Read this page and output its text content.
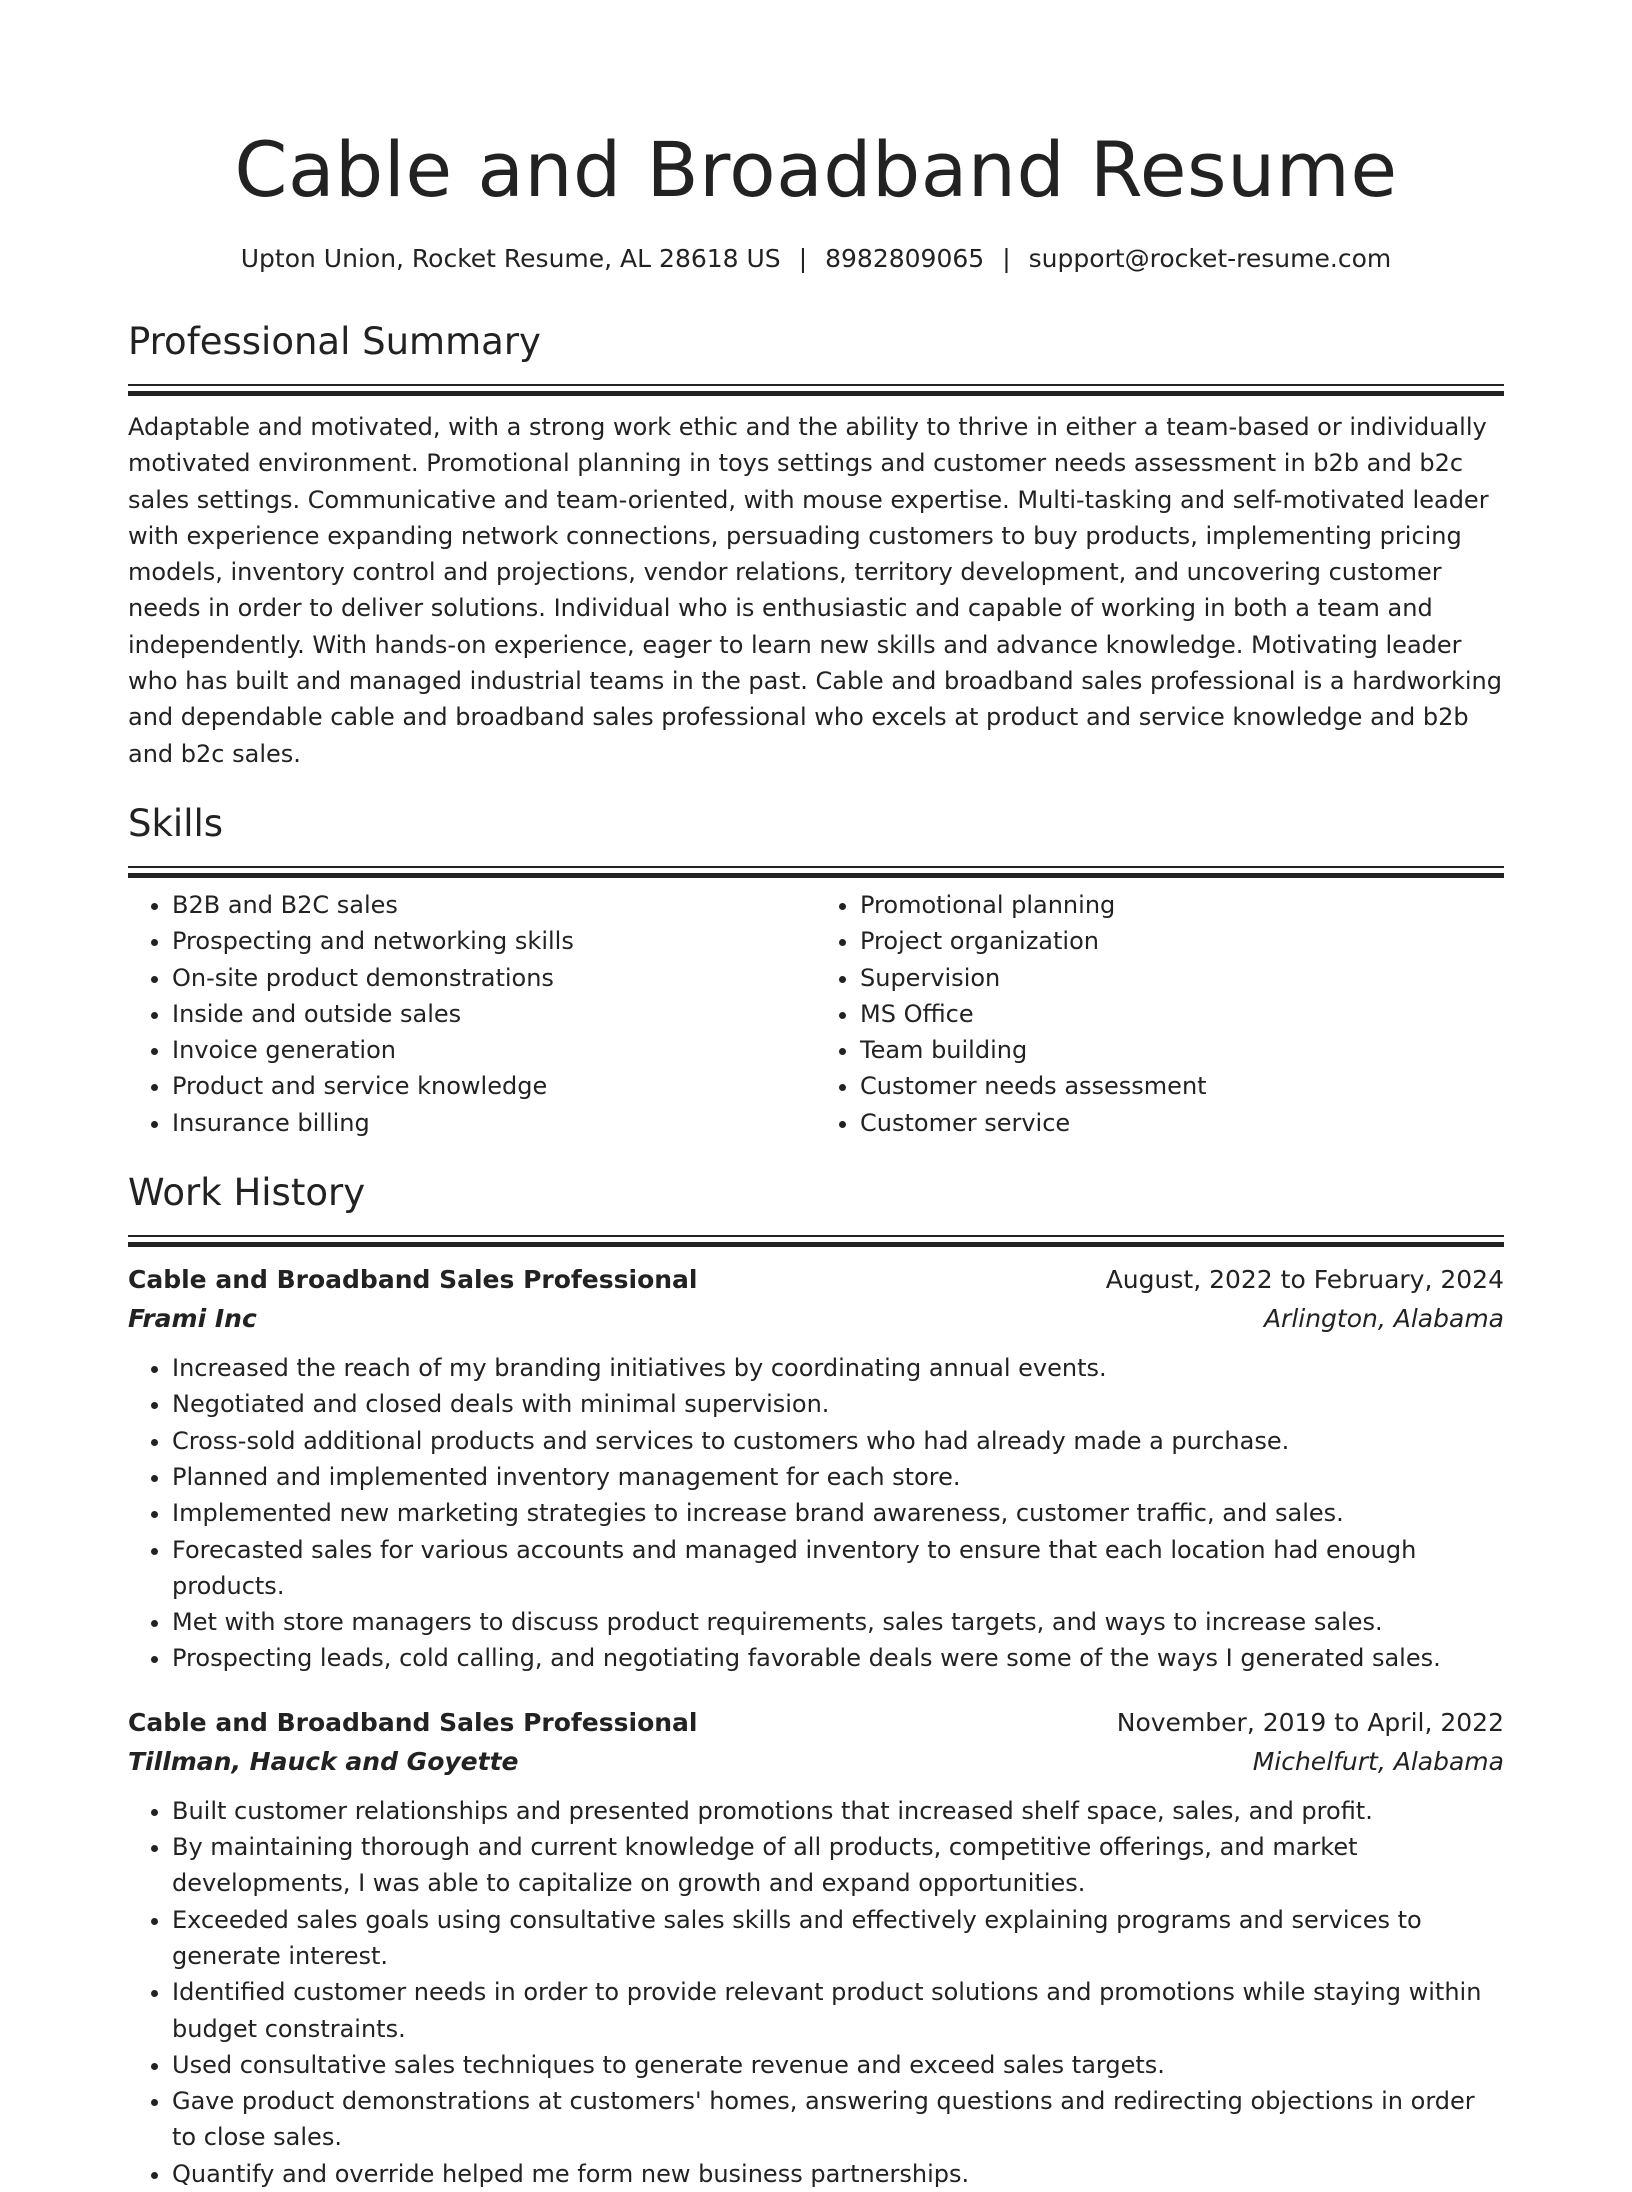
Cable and Broadband Resume
Upton Union, Rocket Resume, AL 28618 US | 8982809065 | support@rocket-resume.com
Professional Summary

Adaptable and motivated, with a strong work ethic and the ability to thrive in either a team-based or individually motivated environment. Promotional planning in toys settings and customer needs assessment in b2b and b2c sales settings. Communicative and team-oriented, with mouse expertise. Multi-tasking and self-motivated leader with experience expanding network connections, persuading customers to buy products, implementing pricing models, inventory control and projections, vendor relations, territory development, and uncovering customer needs in order to deliver solutions. Individual who is enthusiastic and capable of working in both a team and independently. With hands-on experience, eager to learn new skills and advance knowledge. Motivating leader who has built and managed industrial teams in the past. Cable and broadband sales professional is a hardworking and dependable cable and broadband sales professional who excels at product and service knowledge and b2b and b2c sales.

Skills
• B2B and B2C sales
• Prospecting and networking skills
• On-site product demonstrations
• Inside and outside sales
• Invoice generation
• Product and service knowledge
• Insurance billing
• Promotional planning
• Project organization
• Supervision
• MS Office
• Team building
• Customer needs assessment
• Customer service
Work History
Cable and Broadband Sales Professional	August, 2022 to February, 2024
Frami Inc	Arlington, Alabama
• Increased the reach of my branding initiatives by coordinating annual events.
• Negotiated and closed deals with minimal supervision.
• Cross-sold additional products and services to customers who had already made a purchase.
• Planned and implemented inventory management for each store.
• Implemented new marketing strategies to increase brand awareness, customer traffic, and sales.
• Forecasted sales for various accounts and managed inventory to ensure that each location had enough products.
• Met with store managers to discuss product requirements, sales targets, and ways to increase sales.
• Prospecting leads, cold calling, and negotiating favorable deals were some of the ways I generated sales.
Cable and Broadband Sales Professional	November, 2019 to April, 2022
Tillman, Hauck and Goyette	Michelfurt, Alabama
• Built customer relationships and presented promotions that increased shelf space, sales, and profit.
• By maintaining thorough and current knowledge of all products, competitive offerings, and market developments, I was able to capitalize on growth and expand opportunities.
• Exceeded sales goals using consultative sales skills and effectively explaining programs and services to generate interest.
• Identified customer needs in order to provide relevant product solutions and promotions while staying within budget constraints.
• Used consultative sales techniques to generate revenue and exceed sales targets.
• Gave product demonstrations at customers' homes, answering questions and redirecting objections in order to close sales.
• Quantify and override helped me form new business partnerships.
